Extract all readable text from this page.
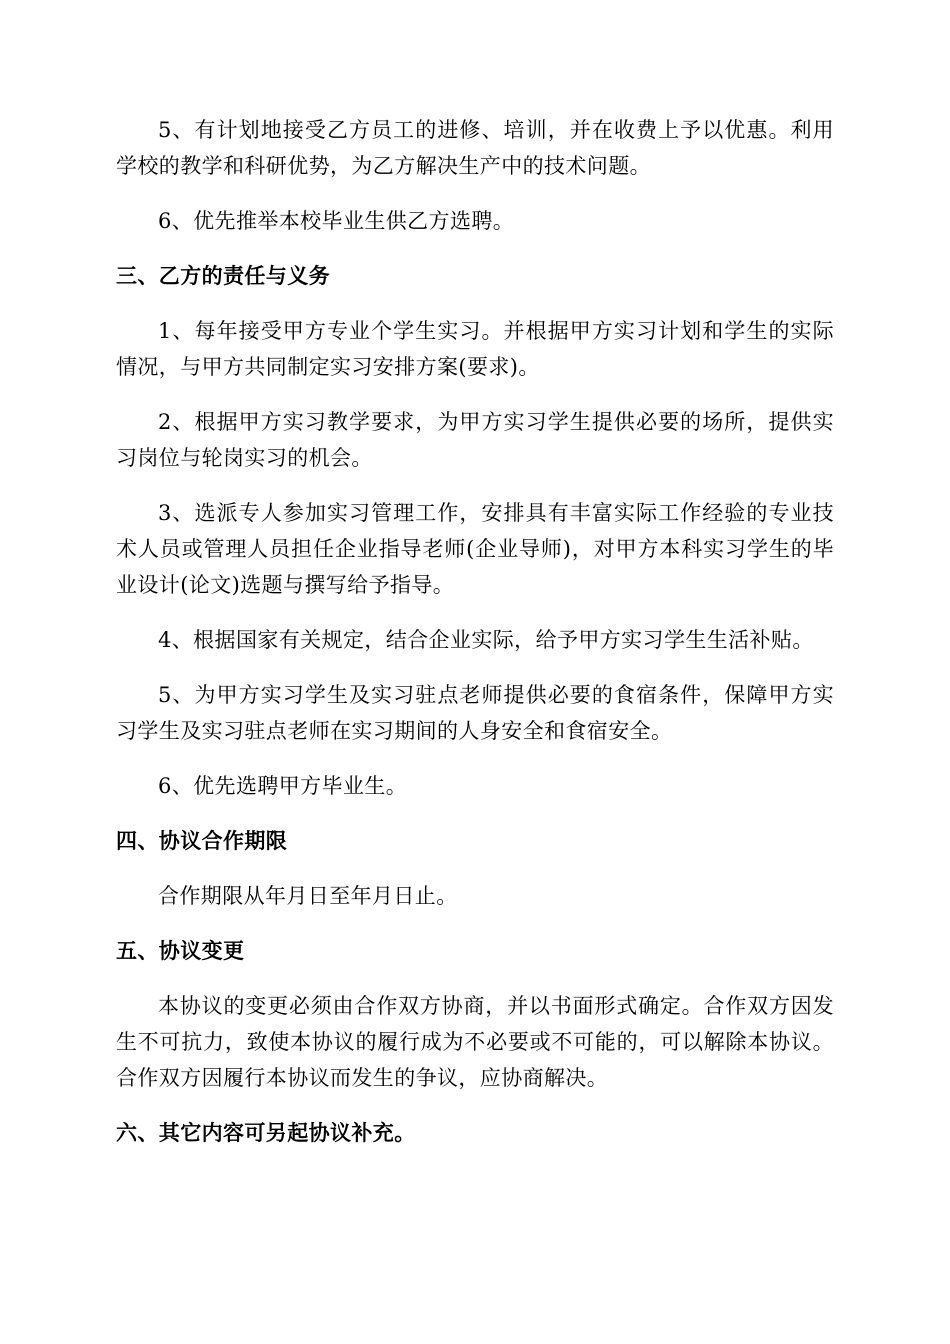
5、有计划地接受乙方员工的进修、培训，并在收费上予以优惠。利用学校的教学和科研优势，为乙方解决生产中的技术问题。

6、优先推举本校毕业生供乙方选聘。

三、乙方的责任与义务

1、每年接受甲方专业个学生实习。并根据甲方实习计划和学生的实际情况，与甲方共同制定实习安排方案(要求)。

2、根据甲方实习教学要求，为甲方实习学生提供必要的场所，提供实习岗位与轮岗实习的机会。

3、选派专人参加实习管理工作，安排具有丰富实际工作经验的专业技术人员或管理人员担任企业指导老师(企业导师)，对甲方本科实习学生的毕业设计(论文)选题与撰写给予指导。

4、根据国家有关规定，结合企业实际，给予甲方实习学生生活补贴。

5、为甲方实习学生及实习驻点老师提供必要的食宿条件，保障甲方实习学生及实习驻点老师在实习期间的人身安全和食宿安全。

6、优先选聘甲方毕业生。

四、协议合作期限

合作期限从年月日至年月日止。

五、协议变更

本协议的变更必须由合作双方协商，并以书面形式确定。合作双方因发生不可抗力，致使本协议的履行成为不必要或不可能的，可以解除本协议。合作双方因履行本协议而发生的争议，应协商解决。

六、其它内容可另起协议补充。
